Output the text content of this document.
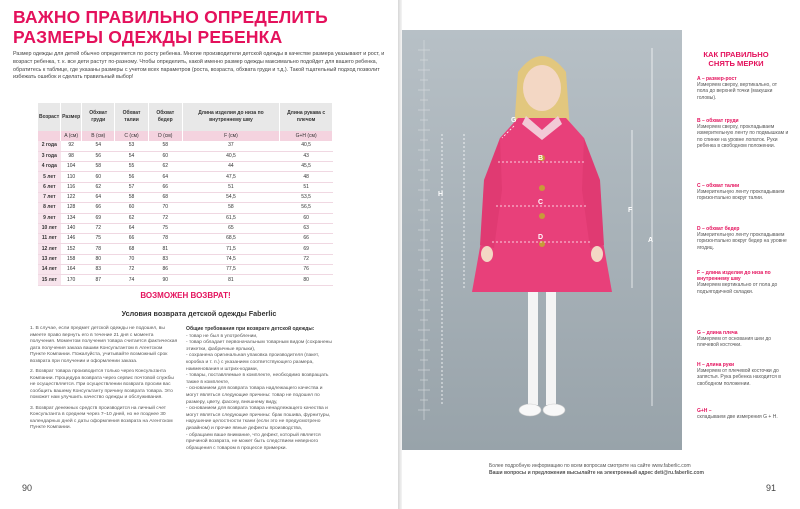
ВАЖНО ПРАВИЛЬНО ОПРЕДЕЛИТЬ РАЗМЕРЫ ОДЕЖДЫ РЕБЕНКА
Размер одежды для детей обычно определяется по росту ребенка. Многие производители детской одежды в качестве размера указывают и рост, и возраст ребенка, т. к. все дети растут по-разному. Чтобы определить, какой именно размер одежды максимально подойдет для вашего ребенка, обратитесь к таблице, где указаны размеры с учетом всех параметров (роста, возраста, обхвата груди и т.д.). Такой тщательный подход позволит избежать ошибок и сделать правильный выбор!
Возраст	Размер	Обхват груди	Обхват талии	Обхват бедер	Длина изделия до низа по внутреннему шву	Длина рукава с плечом
	A (см)	B (см)	C (см)	D (см)	F (см)	G+H (см)
2 года	92	54	53	58	37	40,5
3 года	98	56	54	60	40,5	43
4 года	104	58	55	62	44	45,5
5 лет	110	60	56	64	47,5	48
6 лет	116	62	57	66	51	51
7 лет	122	64	58	68	54,5	53,5
8 лет	128	66	60	70	58	56,5
9 лет	134	69	62	72	61,5	60
10 лет	140	72	64	75	65	63
11 лет	146	75	66	78	68,5	66
12 лет	152	78	68	81	71,5	69
13 лет	158	80	70	83	74,5	72
14 лет	164	83	72	86	77,5	76
15 лет	170	87	74	90	81	80
ВОЗМОЖЕН ВОЗВРАТ!
Условия возврата детской одежды Faberlic

1. В случае, если предмет детской одежды не подошел, вы имеете право вернуть его в течение 21 дня с момента получения. Моментом получения товара считается фактическая дата получения заказа вашим Консультантом в Агентском Пункте Компании. Пожалуйста, учитывайте возможный срок возврата при получении и оформлении заказа.

2. Возврат товара производится только через Консультанта Компании. Процедура возврата через сервис почтовой службы не осуществляется. При осуществлении возврата просим вас сообщить вашему Консультанту причину возврата товара. Это поможет нам улучшить качество одежды и обслуживания.

3. Возврат денежных средств производится на личный счет Консультанта в среднем через 7–10 дней, но не позднее 30 календарных дней с даты оформления возврата на Агентском Пункте Компании.

Общие требования при возврате детской одежды:
- товар не был в употреблении,
- товар обладает первоначальным товарным видом (сохранены этикетки, фабричные ярлыки),
- сохранена оригинальная упаковка производителя (пакет, коробка и т. п.) с указанием соответствующего размера, наименования и штрих-кодами,
- товары, поставляемые в комплекте, необходимо возвращать также в комплекте,
- основанием для возврата товара надлежащего качества и могут являться следующие причины: товар не подошел по размеру, цвету, фасону, внешнему виду,
- основанием для возврата товара ненадлежащего качества и могут являться следующие причины: брак пошива, фурнитуры, нарушение целостности ткани (если это не предусмотрено дизайном) и прочие явные дефекты производства,
- обращаем ваше внимание, что дефект, который является причиной возврата, не может быть следствием неверного обращения с товаром в процессе примерки.
90
G
H
B
C
D
F
A
КАК ПРАВИЛЬНО СНЯТЬ МЕРКИ
A – размер-рост
Измеряем сверху, вертикально, от пола до верхней точки (макушки головы).
B – обхват груди
Измеряем сверху, прокладываем измерительную ленту по подмышкам и по спинке на уровне лопаток. Руки ребенка в свободном положении.
C – обхват талии
Измерительную ленту прокладываем горизонтально вокруг талии.
D – обхват бедер
Измерительную ленту прокладываем горизонтально вокруг бедер на уровне ягодиц.
F – длина изделия до низа по внутреннему шву
Измеряем вертикально от пола до подъягодичной складки.
G – длина плеча
Измеряем от основания шеи до плечевой косточки.
H – длина руки
Измеряем от плечевой косточки до запястья. Рука ребенка находится в свободном положении.
G+H –
складываем две измерения G + H.
Более подробную информацию по всем вопросам смотрите на сайте www.faberlic.com
Ваши вопросы и предложения высылайте на электронный адрес deti@ru.faberlic.com
91
